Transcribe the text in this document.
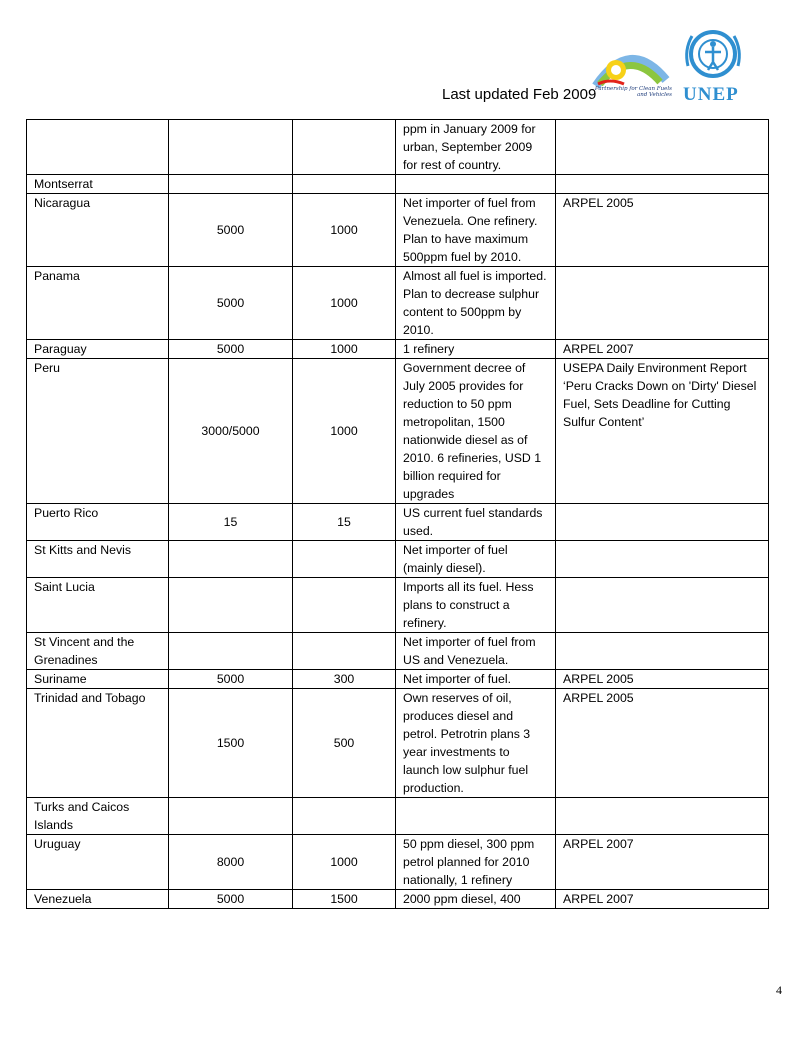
Partnership for Clean Fuels and Vehicles UNEP
Last updated Feb 2009
			ppm in January 2009 for urban, September 2009 for rest of country.	
Montserrat				
Nicaragua	5000	1000	Net importer of fuel from Venezuela. One refinery. Plan to have maximum 500ppm fuel by 2010.	ARPEL 2005
Panama	5000	1000	Almost all fuel is imported. Plan to decrease sulphur content to 500ppm by 2010.	
Paraguay	5000	1000	1 refinery	ARPEL 2007
Peru	3000/5000	1000	Government decree of July 2005 provides for reduction to 50 ppm metropolitan, 1500 nationwide diesel as of 2010. 6 refineries, USD 1 billion required for upgrades	USEPA Daily Environment Report ‘Peru Cracks Down on 'Dirty' Diesel Fuel, Sets Deadline for Cutting Sulfur Content’
Puerto Rico	15	15	US current fuel standards used.	
St Kitts and Nevis			Net importer of fuel (mainly diesel).	
Saint Lucia			Imports all its fuel. Hess plans to construct a refinery.	
St Vincent and the Grenadines			Net importer of fuel from US and Venezuela.	
Suriname	5000	300	Net importer of fuel.	ARPEL 2005
Trinidad and Tobago	1500	500	Own reserves of oil, produces diesel and petrol. Petrotrin plans 3 year investments to launch low sulphur fuel production.	ARPEL 2005
Turks and Caicos Islands				
Uruguay	8000	1000	50 ppm diesel, 300 ppm petrol planned for 2010 nationally, 1 refinery	ARPEL 2007
Venezuela	5000	1500	2000 ppm diesel, 400	ARPEL 2007
4
